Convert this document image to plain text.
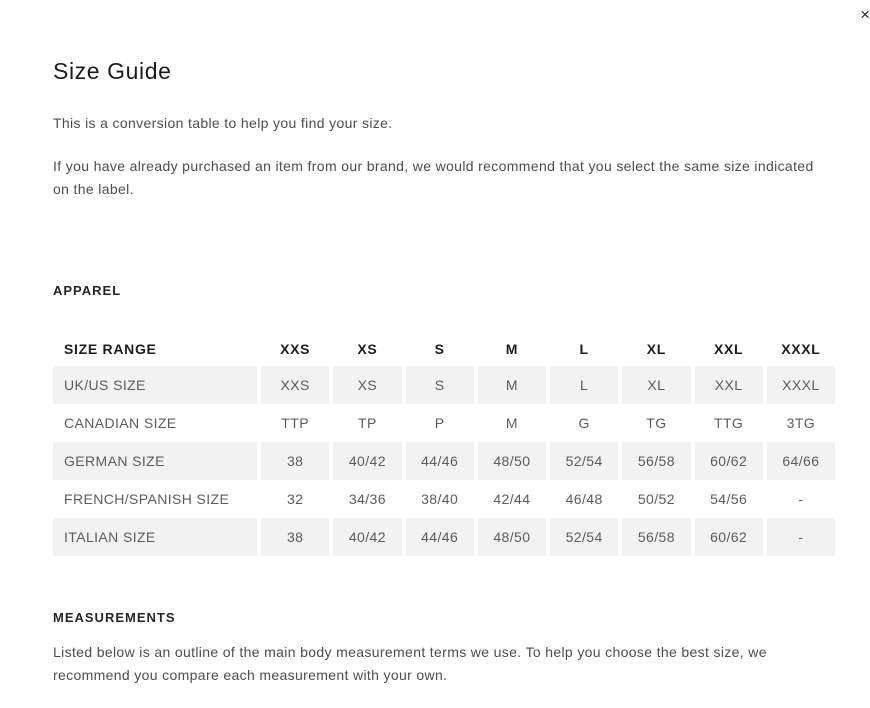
×
Size Guide

This is a conversion table to help you find your size.

If you have already purchased an item from our brand, we would recommend that you select the same size indicated on the label.

APPAREL
SIZE RANGE	XXS	XS	S	M	L	XL	XXL	XXXL
UK/US SIZE	XXS	XS	S	M	L	XL	XXL	XXXL
CANADIAN SIZE	TTP	TP	P	M	G	TG	TTG	3TG
GERMAN SIZE	38	40/42	44/46	48/50	52/54	56/58	60/62	64/66
FRENCH/SPANISH SIZE	32	34/36	38/40	42/44	46/48	50/52	54/56	-
ITALIAN SIZE	38	40/42	44/46	48/50	52/54	56/58	60/62	-
MEASUREMENTS

Listed below is an outline of the main body measurement terms we use. To help you choose the best size, we recommend you compare each measurement with your own.
